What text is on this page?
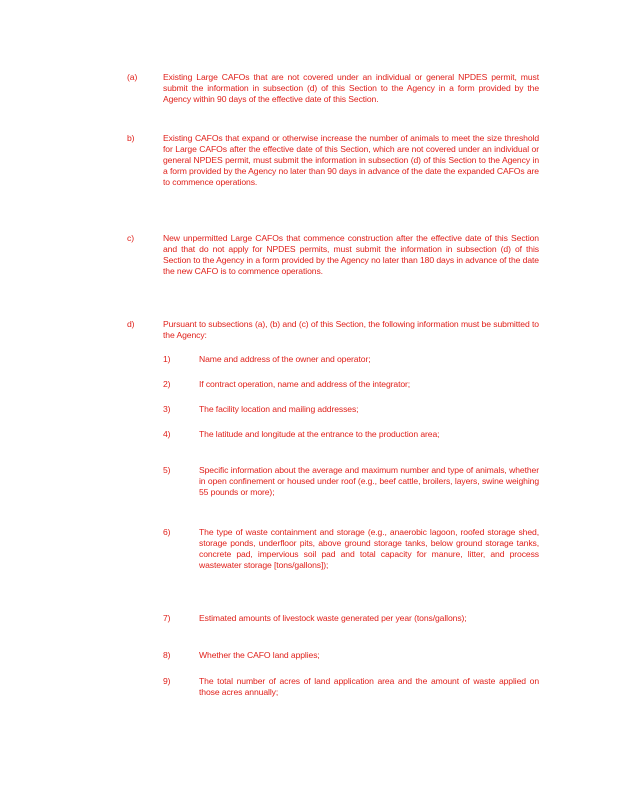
(a)	Existing Large CAFOs that are not covered under an individual or general NPDES permit, must submit the information in subsection (d) of this Section to the Agency in a form provided by the Agency within 90 days of the effective date of this Section.
b)	Existing CAFOs that expand or otherwise increase the number of animals to meet the size threshold for Large CAFOs after the effective date of this Section, which are not covered under an individual or general NPDES permit, must submit the information in subsection (d) of this Section to the Agency in a form provided by the Agency no later than 90 days in advance of the date the expanded CAFOs are to commence operations.
c)	New unpermitted Large CAFOs that commence construction after the effective date of this Section and that do not apply for NPDES permits, must submit the information in subsection (d) of this Section to the Agency in a form provided by the Agency no later than 180 days in advance of the date the new CAFO is to commence operations.
d)	Pursuant to subsections (a), (b) and (c) of this Section, the following information must be submitted to the Agency:
1)	Name and address of the owner and operator;
2)	If contract operation, name and address of the integrator;
3)	The facility location and mailing addresses;
4)	The latitude and longitude at the entrance to the production area;
5)	Specific information about the average and maximum number and type of animals, whether in open confinement or housed under roof (e.g., beef cattle, broilers, layers, swine weighing 55 pounds or more);
6)	The type of waste containment and storage (e.g., anaerobic lagoon, roofed storage shed, storage ponds, underfloor pits, above ground storage tanks, below ground storage tanks, concrete pad, impervious soil pad and total capacity for manure, litter, and process wastewater storage [tons/gallons]);
7)	Estimated amounts of livestock waste generated per year (tons/gallons);
8)	Whether the CAFO land applies;
9)	The total number of acres of land application area and the amount of waste applied on those acres annually;
